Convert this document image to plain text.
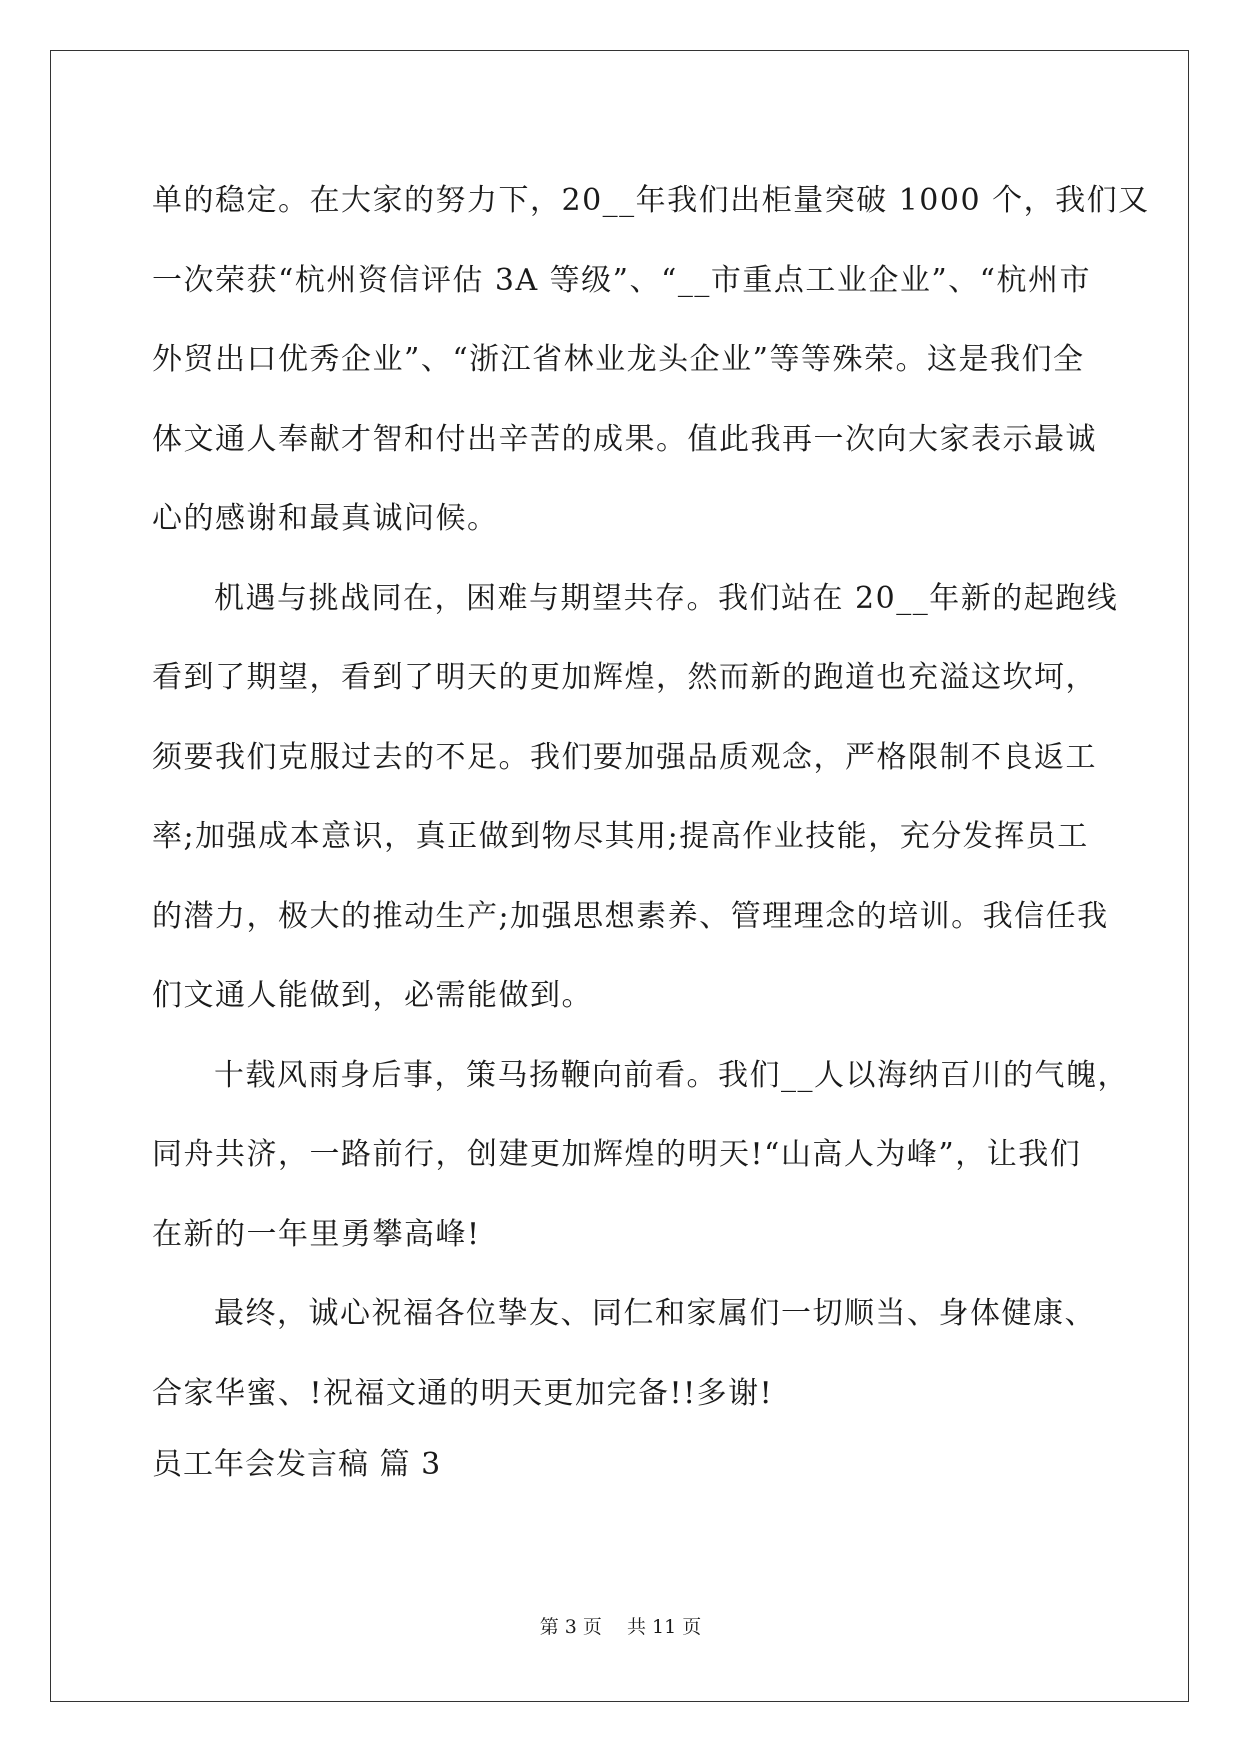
单的稳定。在大家的努力下，20__年我们出柜量突破 1000 个，我们又
一次荣获“杭州资信评估 3A 等级”、“__市重点工业企业”、“杭州市
外贸出口优秀企业”、“浙江省林业龙头企业”等等殊荣。这是我们全
体文通人奉献才智和付出辛苦的成果。值此我再一次向大家表示最诚
心的感谢和最真诚问候。
机遇与挑战同在，困难与期望共存。我们站在 20__年新的起跑线
看到了期望，看到了明天的更加辉煌，然而新的跑道也充溢这坎坷，
须要我们克服过去的不足。我们要加强品质观念，严格限制不良返工
率;加强成本意识，真正做到物尽其用;提高作业技能，充分发挥员工
的潜力，极大的推动生产;加强思想素养、管理理念的培训。我信任我
们文通人能做到，必需能做到。
十载风雨身后事，策马扬鞭向前看。我们__人以海纳百川的气魄，
同舟共济，一路前行，创建更加辉煌的明天!“山高人为峰”，让我们
在新的一年里勇攀高峰!
最终，诚心祝福各位挚友、同仁和家属们一切顺当、身体健康、
合家华蜜、!祝福文通的明天更加完备!!多谢!
员工年会发言稿 篇 3
第 3 页　 共 11 页
